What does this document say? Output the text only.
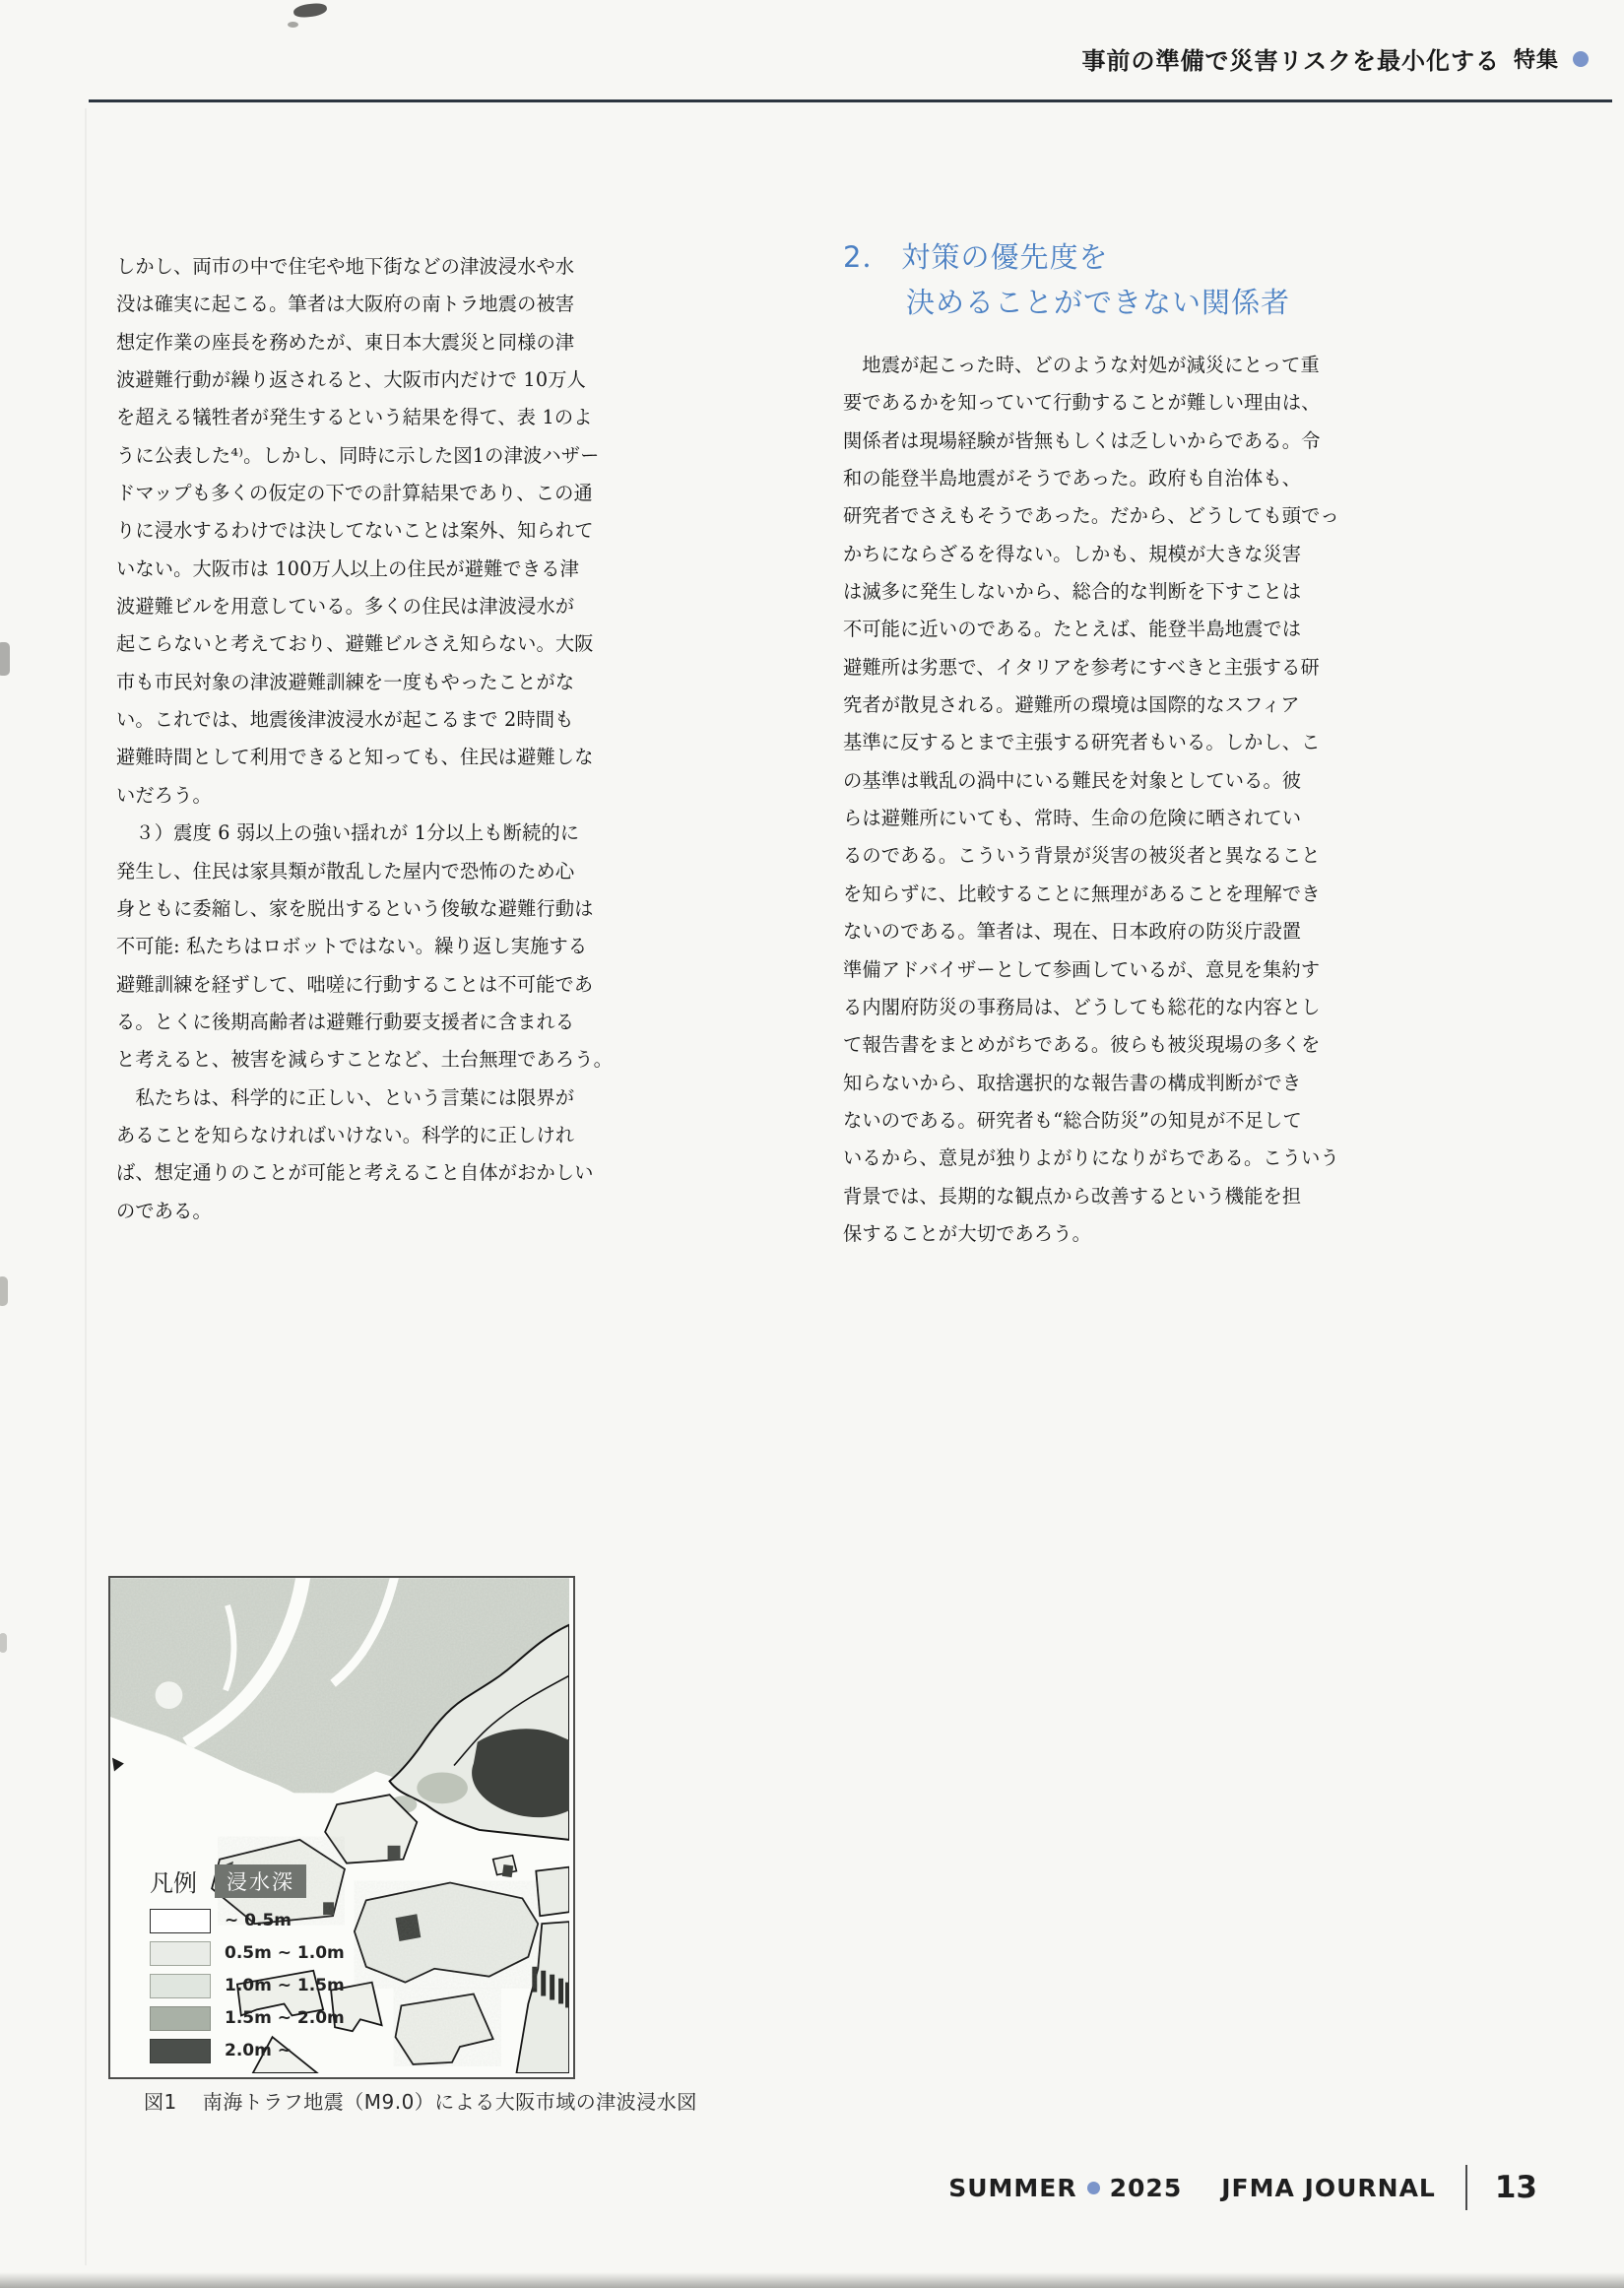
事前の準備で災害リスクを最小化する 特集
しかし、両市の中で住宅や地下街などの津波浸水や水
没は確実に起こる。筆者は大阪府の南トラ地震の被害
想定作業の座長を務めたが、東日本大震災と同様の津
波避難行動が繰り返されると、大阪市内だけで 10万人
を超える犠牲者が発生するという結果を得て、表 1のよ
うに公表した⁴⁾。しかし、同時に示した図1の津波ハザー
ドマップも多くの仮定の下での計算結果であり、この通
りに浸水するわけでは決してないことは案外、知られて
いない。大阪市は 100万人以上の住民が避難できる津
波避難ビルを用意している。多くの住民は津波浸水が
起こらないと考えており、避難ビルさえ知らない。大阪
市も市民対象の津波避難訓練を一度もやったことがな
い。これでは、地震後津波浸水が起こるまで 2時間も
避難時間として利用できると知っても、住民は避難しな
いだろう。
　３）震度 6 弱以上の強い揺れが 1分以上も断続的に
発生し、住民は家具類が散乱した屋内で恐怖のため心
身ともに委縮し、家を脱出するという俊敏な避難行動は
不可能: 私たちはロボットではない。繰り返し実施する
避難訓練を経ずして、咄嗟に行動することは不可能であ
る。とくに後期高齢者は避難行動要支援者に含まれる
と考えると、被害を減らすことなど、土台無理であろう。
　私たちは、科学的に正しい、という言葉には限界が
あることを知らなければいけない。科学的に正しけれ
ば、想定通りのことが可能と考えること自体がおかしい
のである。
2． 対策の優先度を
決めることができない関係者
　地震が起こった時、どのような対処が減災にとって重
要であるかを知っていて行動することが難しい理由は、
関係者は現場経験が皆無もしくは乏しいからである。令
和の能登半島地震がそうであった。政府も自治体も、
研究者でさえもそうであった。だから、どうしても頭でっ
かちにならざるを得ない。しかも、規模が大きな災害
は滅多に発生しないから、総合的な判断を下すことは
不可能に近いのである。たとえば、能登半島地震では
避難所は劣悪で、イタリアを参考にすべきと主張する研
究者が散見される。避難所の環境は国際的なスフィア
基準に反するとまで主張する研究者もいる。しかし、こ
の基準は戦乱の渦中にいる難民を対象としている。彼
らは避難所にいても、常時、生命の危険に晒されてい
るのである。こういう背景が災害の被災者と異なること
を知らずに、比較することに無理があることを理解でき
ないのである。筆者は、現在、日本政府の防災庁設置
準備アドバイザーとして参画しているが、意見を集約す
る内閣府防災の事務局は、どうしても総花的な内容とし
て報告書をまとめがちである。彼らも被災現場の多くを
知らないから、取捨選択的な報告書の構成判断ができ
ないのである。研究者も“総合防災”の知見が不足して
いるから、意見が独りよがりになりがちである。こういう
背景では、長期的な観点から改善するという機能を担
保することが大切であろう。
凡例	浸水深
~ 0.5m
0.5m ~ 1.0m
1.0m ~ 1.5m
1.5m ~ 2.0m
2.0m ~
図1 南海トラフ地震（M9.0）による大阪市域の津波浸水図
SUMMER 2025 JFMA JOURNAL 13
